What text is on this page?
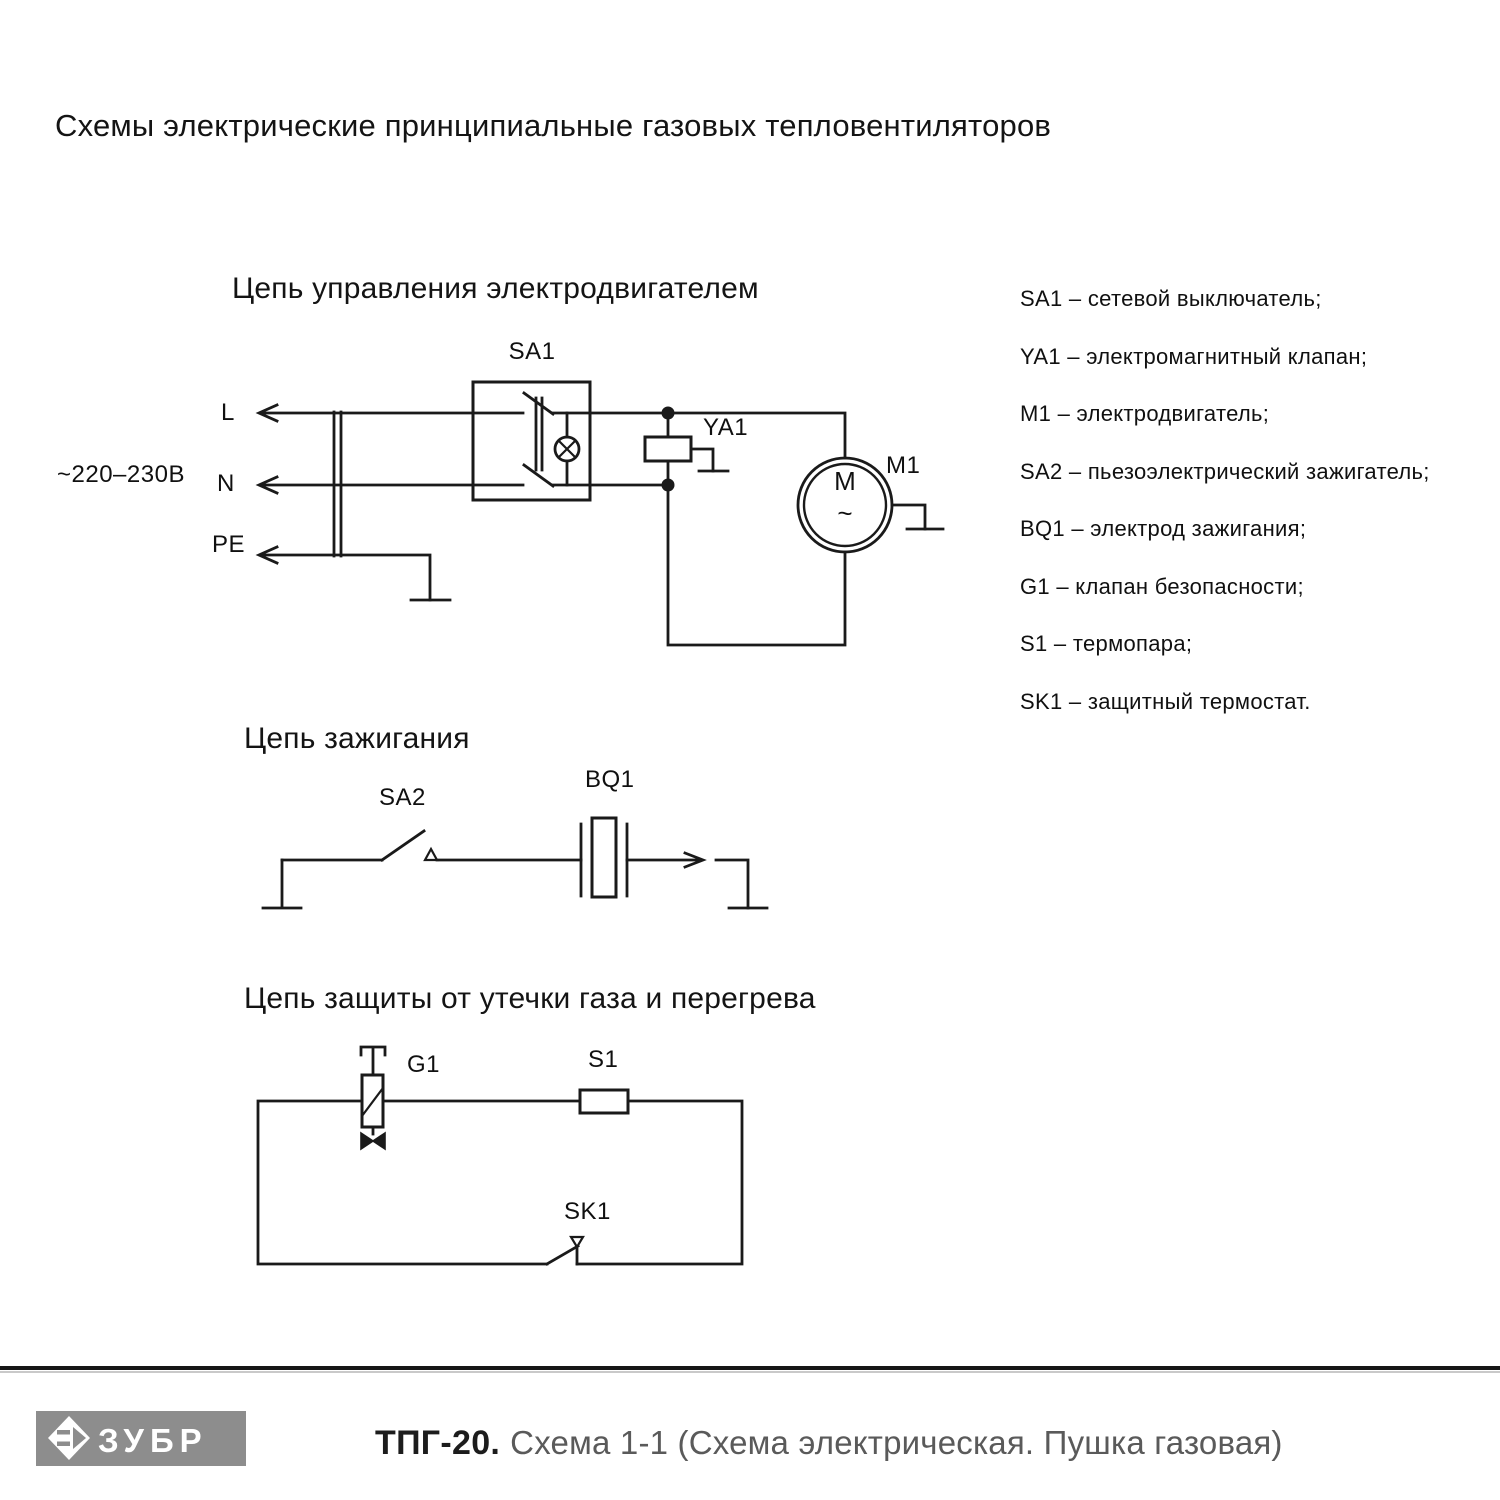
Схемы электрические принципиальные газовых тепловентиляторов
Цепь управления электродвигателем
Цепь зажигания
Цепь защиты от утечки газа и перегрева
~220–230В
L
N
PE
SA1
YA1
M1
M
~
SA2
BQ1
G1	S1
SK1
SA1 – сетевой выключатель;
YA1 – электромагнитный клапан;
M1 – электродвигатель;
SA2 – пьезоэлектрический зажигатель;
BQ1 – электрод зажигания;
G1 – клапан безопасности;
S1 – термопара;
SK1 – защитный термостат.
ЗУБР	ТПГ-20. Схема 1-1 (Схема электрическая. Пушка газовая)
